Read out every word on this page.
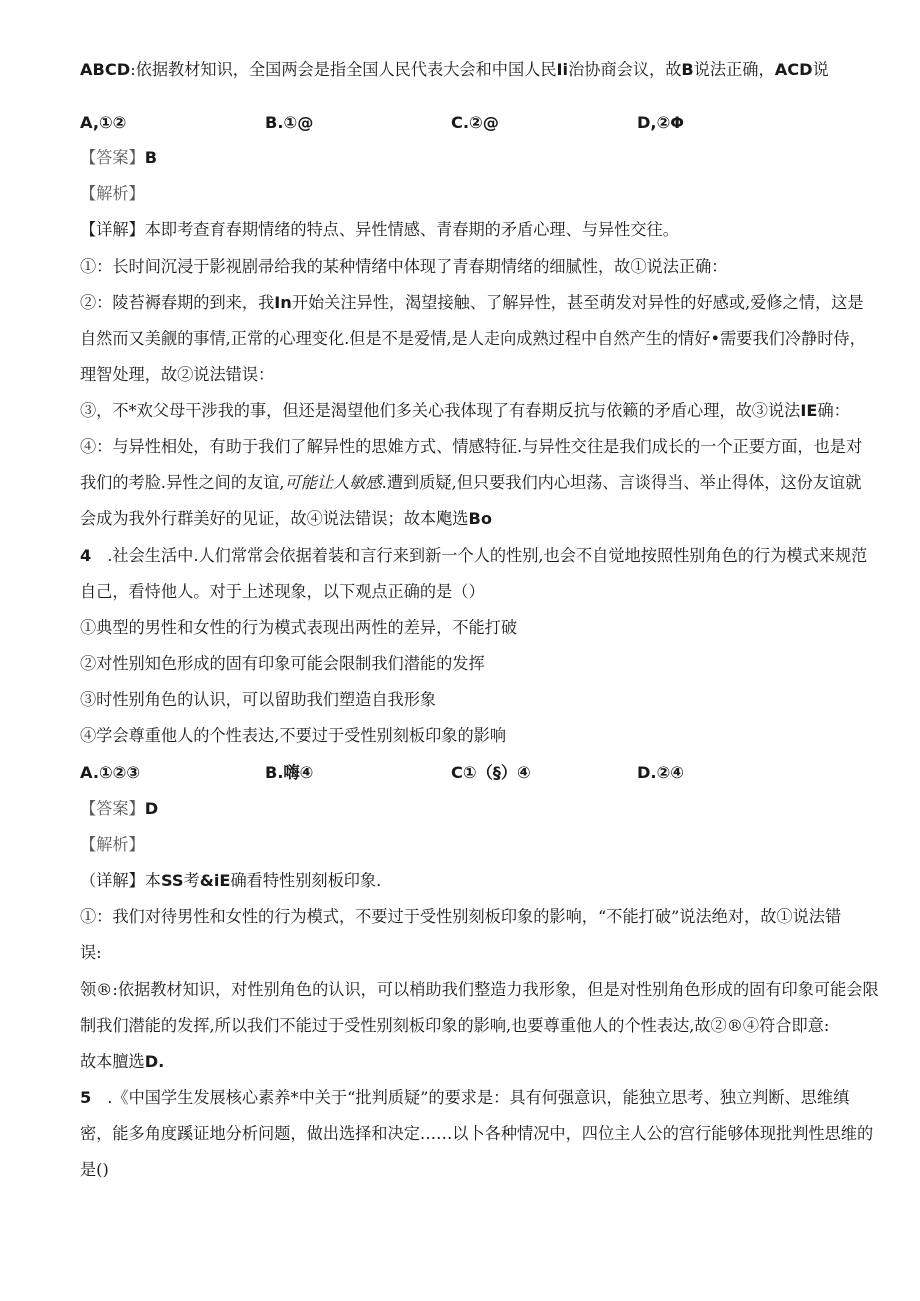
ABCD:依据教材知识，全国两会是指全国人民代表大会和中国人民Ii治协商会议，故B说法正确，ACD说
A,①②	B.①@	C.②@	D,②Φ
【答案】B
【解析】
【详解】本即考查育春期情绪的特点、异性情感、青春期的矛盾心理、与异性交往。
①：长时间沉浸于影视剧帚给我的某种情绪中体现了青春期情绪的细腻性，故①说法正确：
②：陵苔褥春期的到来，我In开始关注异性，渴望接触、了解异性，甚至萌发对异性的好感或,爱修之情，这是
自然而又美觎的事情,正常的心理变化.但是不是爱情,是人走向成熟过程中自然产生的情好•需要我们冷静时侍，
理智处理，故②说法错误：
③，不*欢父母干涉我的事，但还是渴望他们多关心我体现了有春期反抗与依籁的矛盾心理，故③说法IE确：
④：与异性相处，有助于我们了解异性的思婎方式、情感特征.与异性交往是我们成长的一个正要方面，也是对
我们的考脸.异性之间的友谊,可能让人敏感.遭到质疑,但只要我们内心坦荡、言谈得当、举止得体，这份友谊就
会成为我外行群美好的见证，故④说法错误；故本飑选Bo
4 .社会生活中.人们常常会依据着装和言行来到新一个人的性别,也会不自觉地按照性别角色的行为模式来规范
自己，看恃他人。对于上述现象，以下观点正确的是（）
①典型的男性和女性的行为模式表现出两性的差异，不能打破
②对性别知色形成的固有印象可能会限制我们潜能的发挥
③时性别角色的认识，可以留助我们塑造自我形象
④学会尊重他人的个性表达,不要过于受性别刻板印象的影响
A.①②③	B.嗨④	C①（§）④	D.②④
【答案】D
【解析】
（详解】本SS考&iE确看特性别刻板印象.
①：我们对待男性和女性的行为模式，不要过于受性别刻板印象的影响，“不能打破”说法绝对，故①说法错
误:
领®:依据教材知识，对性别角色的认识，可以梢助我们整造力我形象，但是对性别角色形成的固有印象可能会限
制我们潜能的发挥,所以我们不能过于受性别刻板印象的影响,也要尊重他人的个性表达,故②®④符合即意:
故本膻选D.
5 .《中国学生发展核心素养*中关于“批判质疑”的要求是：具有何强意识，能独立思考、独立判断、思维缜
密，能多角度蹊证地分析问题，做出选择和决定……以卜各种情况中，四位主人公的宫行能够体现批判性思维的
是()
